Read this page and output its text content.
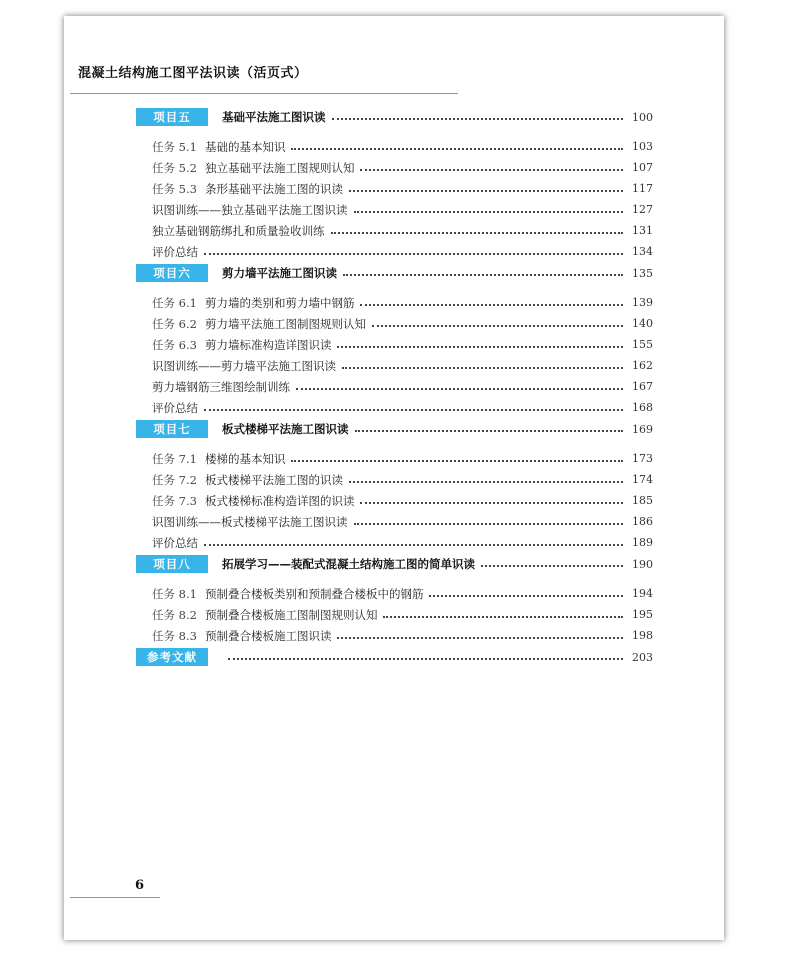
混凝土结构施工图平法识读（活页式）
项目五	基础平法施工图识读	100
任务 5.1 基础的基本知识	103
任务 5.2 独立基础平法施工图规则认知	107
任务 5.3 条形基础平法施工图的识读	117
识图训练——独立基础平法施工图识读	127
独立基础钢筋绑扎和质量验收训练	131
评价总结	134
项目六	剪力墙平法施工图识读	135
任务 6.1 剪力墙的类别和剪力墙中钢筋	139
任务 6.2 剪力墙平法施工图制图规则认知	140
任务 6.3 剪力墙标准构造详图识读	155
识图训练——剪力墙平法施工图识读	162
剪力墙钢筋三维图绘制训练	167
评价总结	168
项目七	板式楼梯平法施工图识读	169
任务 7.1 楼梯的基本知识	173
任务 7.2 板式楼梯平法施工图的识读	174
任务 7.3 板式楼梯标准构造详图的识读	185
识图训练——板式楼梯平法施工图识读	186
评价总结	189
项目八	拓展学习——装配式混凝土结构施工图的简单识读	190
任务 8.1 预制叠合楼板类别和预制叠合楼板中的钢筋	194
任务 8.2 预制叠合楼板施工图制图规则认知	195
任务 8.3 预制叠合楼板施工图识读	198
参考文献	203
6
